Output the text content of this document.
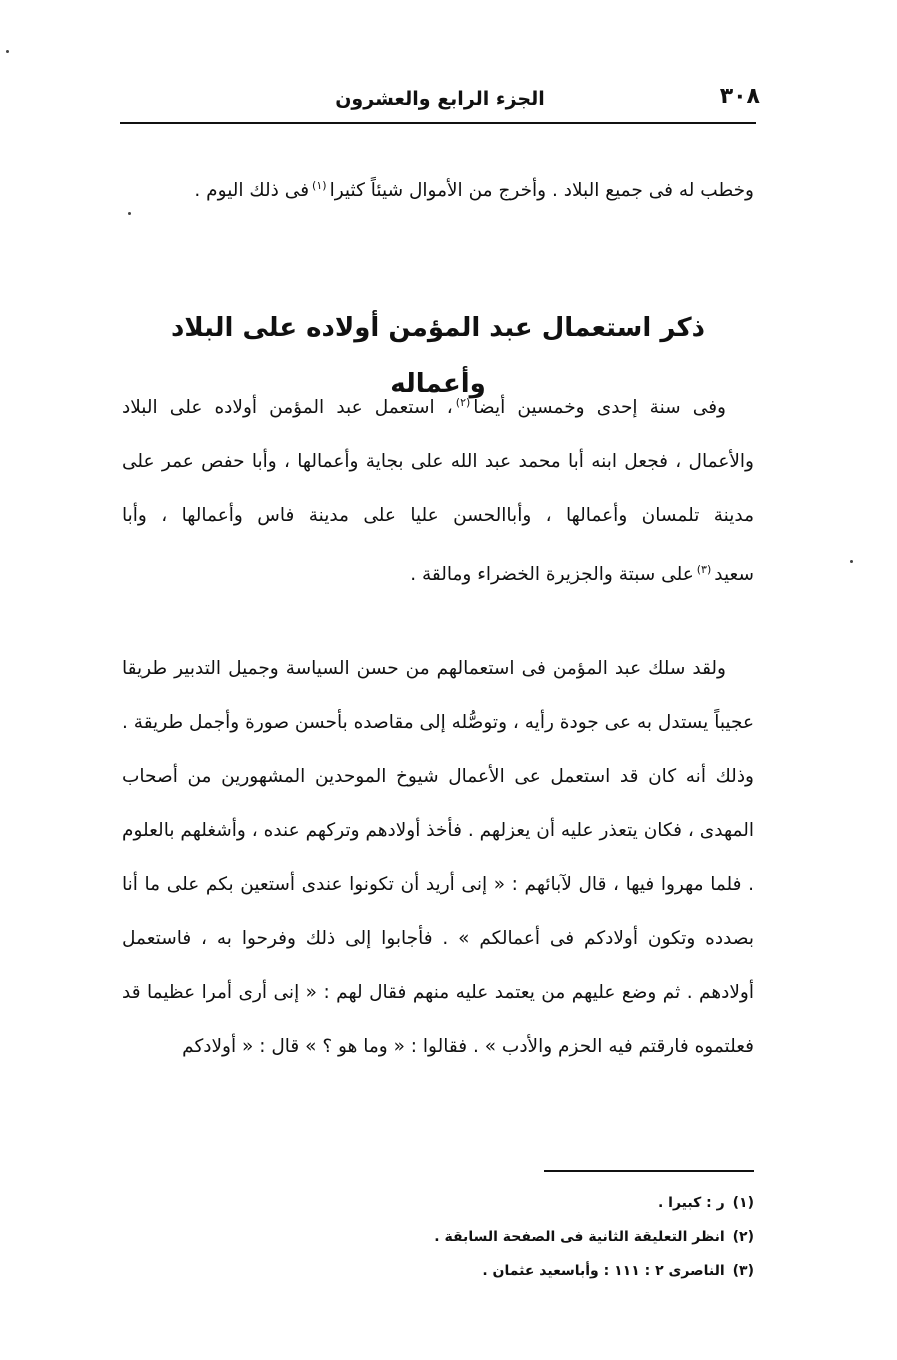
٣٠٨
الجزء الرابع والعشرون
وخطب له فى جميع البلاد . وأخرج من الأموال شيئاً كثيرا$^{(١)}$فى ذلك اليوم .
ذكر استعمال عبد المؤمن أولاده على البلاد وأعماله
وفى سنة إحدى وخمسين أيضا$^{(٢)}$، استعمل عبد المؤمن أولاده على البلاد والأعمال ، فجعل ابنه أبا محمد عبد الله على بجاية وأعمالها ، وأبا حفص عمر على مدينة تلمسان وأعمالها ، وأباالحسن عليا على مدينة فاس وأعمالها ، وأبا سعيد$^{(٣)}$على سبتة والجزيرة الخضراء ومالقة .
ولقد سلك عبد المؤمن فى استعمالهم من حسن السياسة وجميل التدبير طريقا عجيباً يستدل به عى جودة رأيه ، وتوصُّله إلى مقاصده بأحسن صورة وأجمل طريقة . وذلك أنه كان قد استعمل عى الأعمال شيوخ الموحدين المشهورين من أصحاب المهدى ، فكان يتعذر عليه أن يعزلهم . فأخذ أولادهم وتركهم عنده ، وأشغلهم بالعلوم . فلما مهروا فيها ، قال لآبائهم : « إنى أريد أن تكونوا عندى أستعين بكم على ما أنا بصدده وتكون أولادكم فى أعمالكم » . فأجابوا إلى ذلك وفرحوا به ، فاستعمل أولادهم . ثم وضع عليهم من يعتمد عليه منهم فقال لهم : « إنى أرى أمرا عظيما قد فعلتموه فارقتم فيه الحزم والأدب » . فقالوا : « وما هو ؟ » قال : « أولادكم
(١)ر : كبيرا .
(٢)انظر التعليقة الثانية فى الصفحة السابقة .
(٣)الناصرى ٢ : ١١١ : وأباسعيد عثمان .
